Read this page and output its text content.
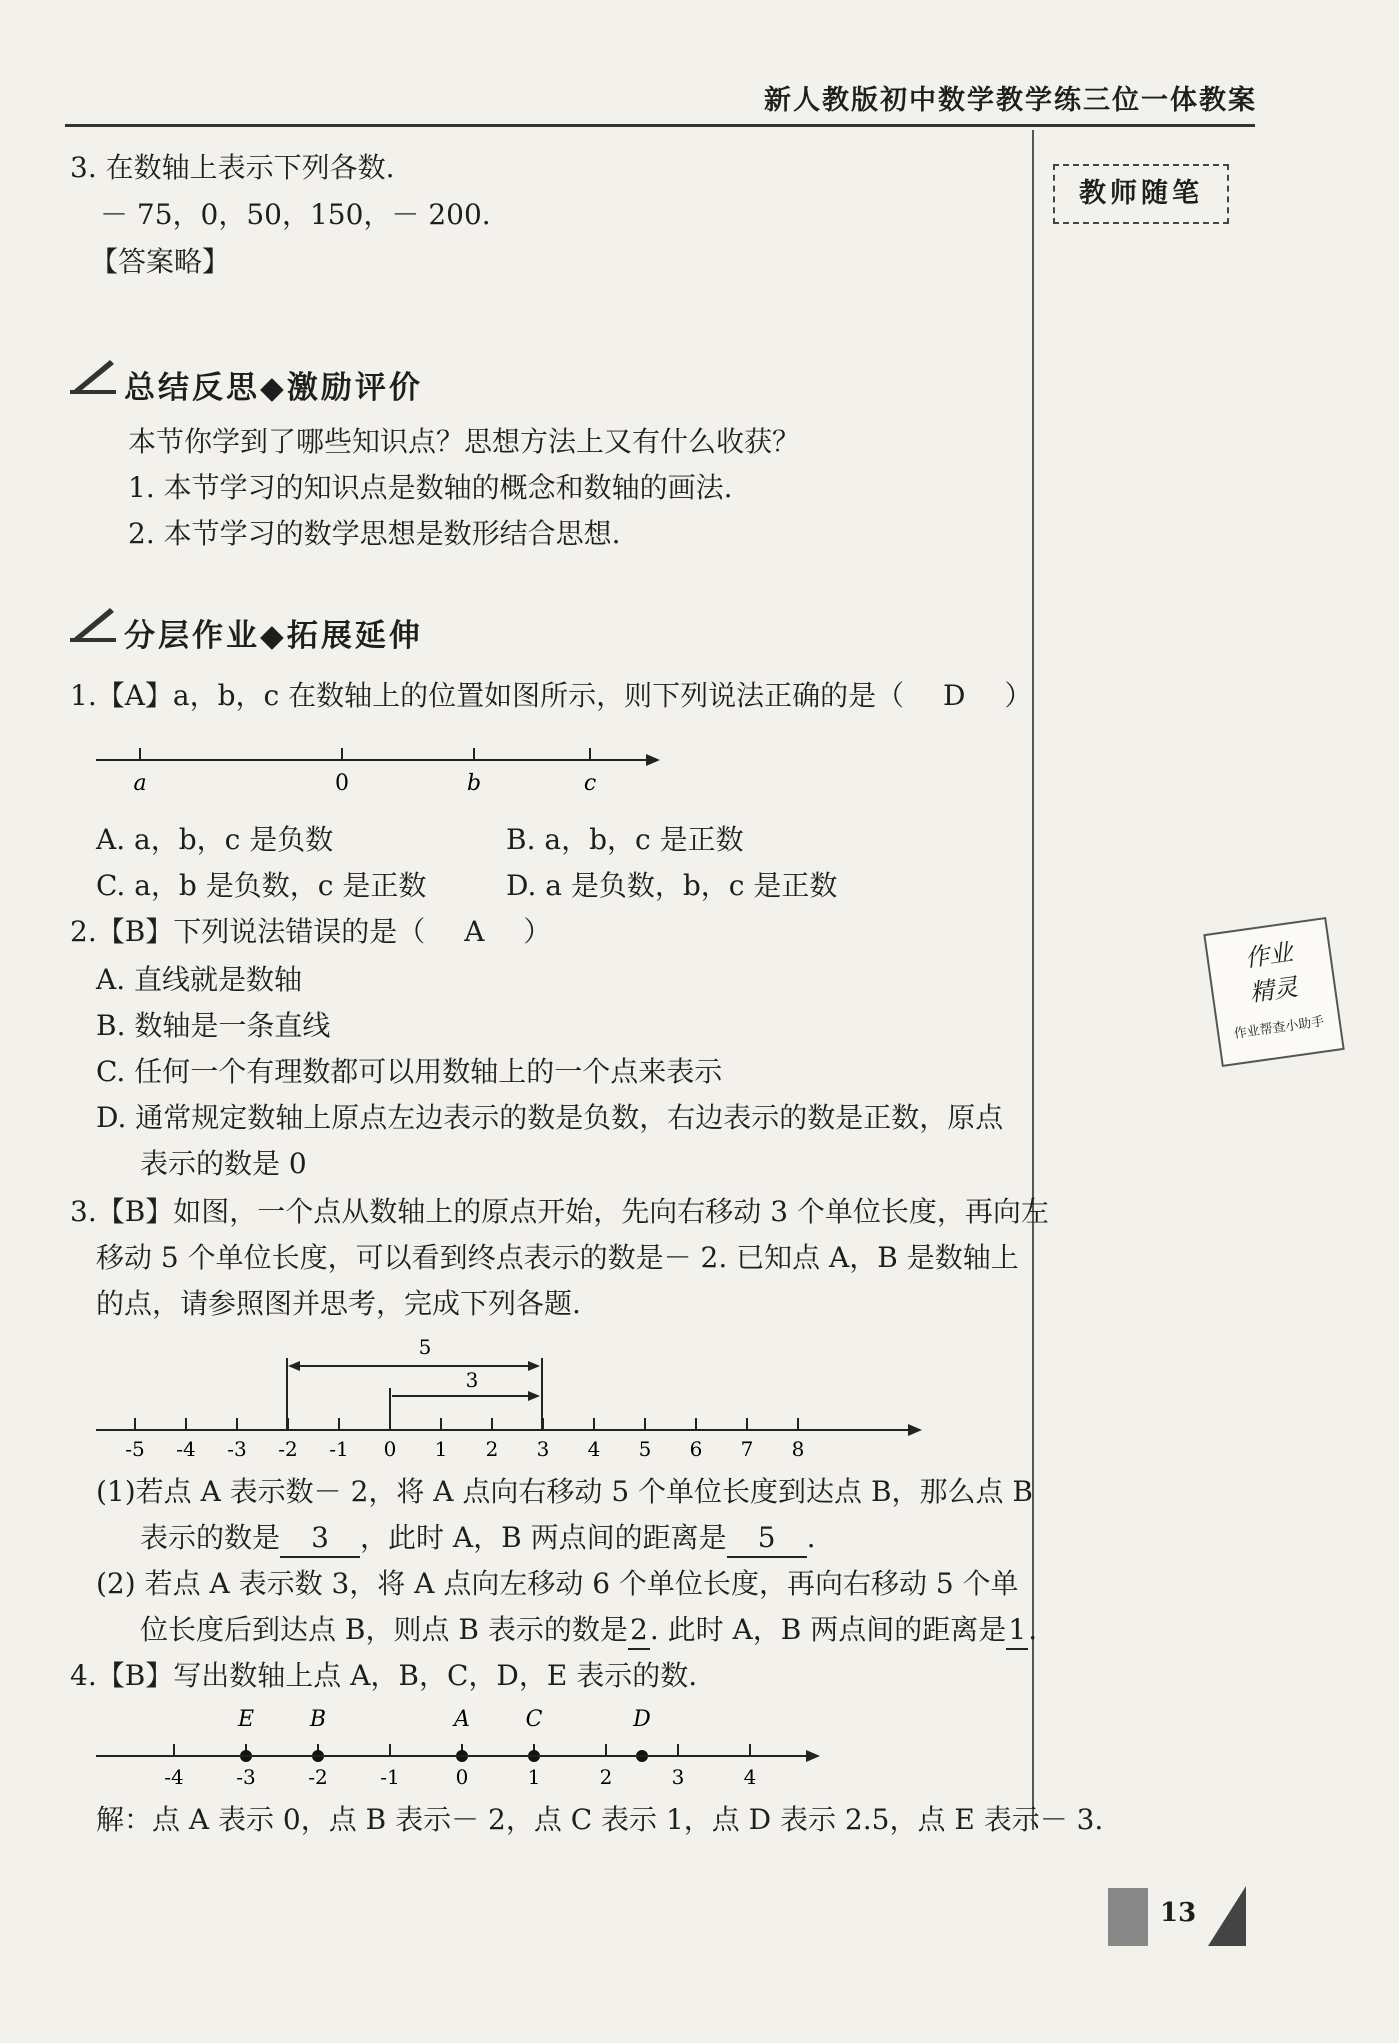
新人教版初中数学教学练三位一体教案
教师随笔
作业
精灵
作业帮查小助手
3. 在数轴上表示下列各数.
－ 75，0，50，150，－ 200.
【答案略】
总结反思◆激励评价
本节你学到了哪些知识点？思想方法上又有什么收获？
1. 本节学习的知识点是数轴的概念和数轴的画法.
2. 本节学习的数学思想是数形结合思想.
分层作业◆拓展延伸
1.【A】a，b，c 在数轴上的位置如图所示，则下列说法正确的是（ D ）
a	0	b	c
A. a，b，c 是负数	B. a，b，c 是正数
C. a，b 是负数，c 是正数	D. a 是负数，b，c 是正数
2.【B】下列说法错误的是（ A ）
A. 直线就是数轴
B. 数轴是一条直线
C. 任何一个有理数都可以用数轴上的一个点来表示
D. 通常规定数轴上原点左边表示的数是负数，右边表示的数是正数，原点
表示的数是 0
3.【B】如图，一个点从数轴上的原点开始，先向右移动 3 个单位长度，再向左
移动 5 个单位长度，可以看到终点表示的数是－ 2. 已知点 A，B 是数轴上
的点，请参照图并思考，完成下列各题.
-5 -4 -3 -2 -1 0 1 2 3 4 5 6 7 8
5
3
(1)若点 A 表示数－ 2，将 A 点向右移动 5 个单位长度到达点 B，那么点 B
表示的数是 3 ，此时 A，B 两点间的距离是 5 .
(2) 若点 A 表示数 3，将 A 点向左移动 6 个单位长度，再向右移动 5 个单
位长度后到达点 B，则点 B 表示的数是2. 此时 A，B 两点间的距离是1.
4.【B】写出数轴上点 A，B，C，D，E 表示的数.
-4	-3	-2	-1	0	1	2	3	4
E	B	A	C	D
解：点 A 表示 0，点 B 表示－ 2，点 C 表示 1，点 D 表示 2.5，点 E 表示－ 3.
13
